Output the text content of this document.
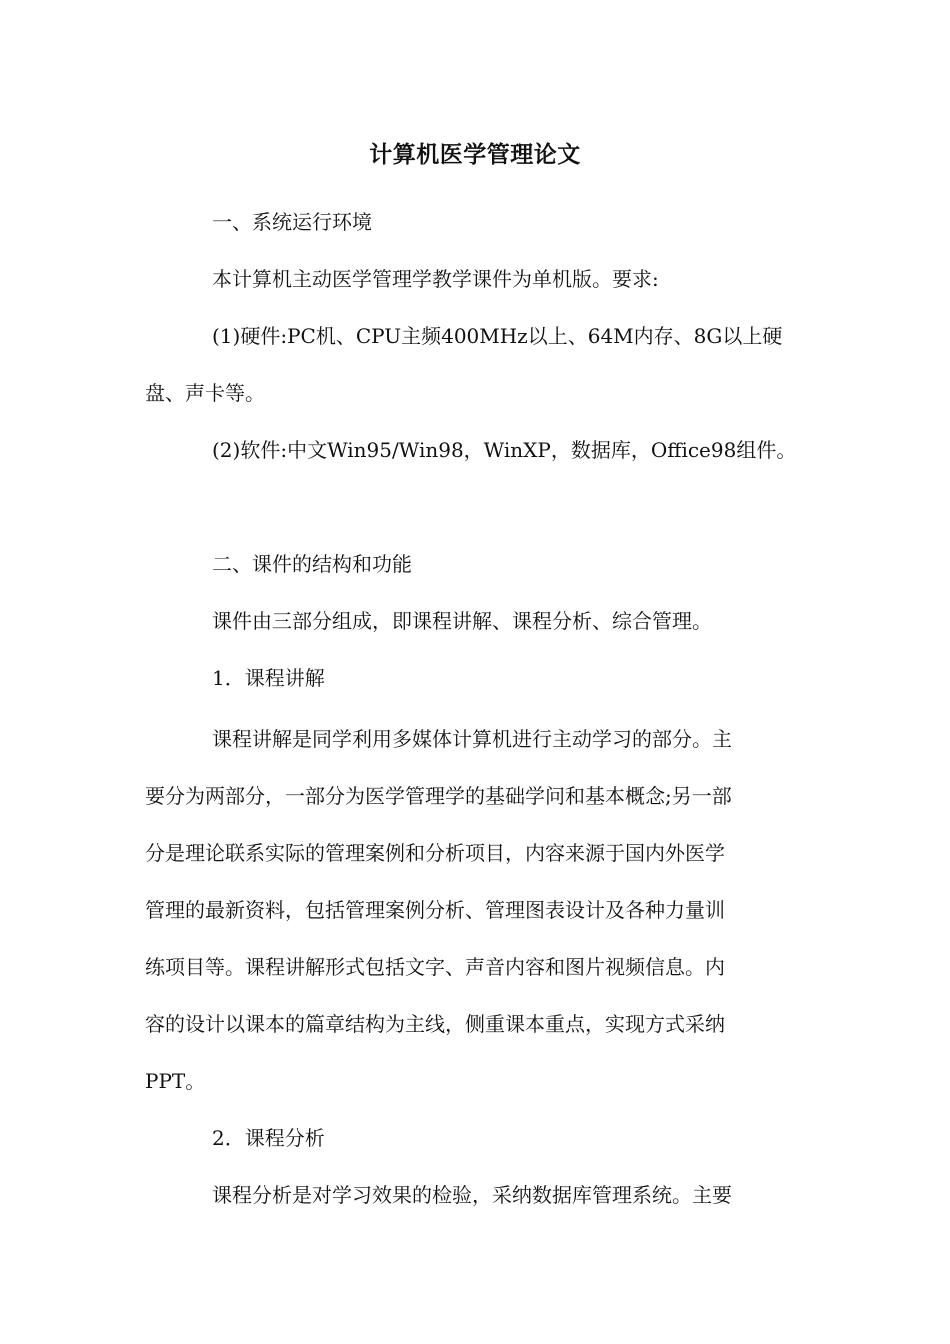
计算机医学管理论文

一、系统运行环境

本计算机主动医学管理学教学课件为单机版。要求:

(1)硬件:PC机、CPU主频400MHz以上、64M内存、8G以上硬

盘、声卡等。

(2)软件:中文Win95/Win98，WinXP，数据库，Office98组件。

二、课件的结构和功能

课件由三部分组成，即课程讲解、课程分析、综合管理。

1．课程讲解

课程讲解是同学利用多媒体计算机进行主动学习的部分。主

要分为两部分，一部分为医学管理学的基础学问和基本概念;另一部

分是理论联系实际的管理案例和分析项目，内容来源于国内外医学

管理的最新资料，包括管理案例分析、管理图表设计及各种力量训

练项目等。课程讲解形式包括文字、声音内容和图片视频信息。内

容的设计以课本的篇章结构为主线，侧重课本重点，实现方式采纳

PPT。

2．课程分析

课程分析是对学习效果的检验，采纳数据库管理系统。主要
